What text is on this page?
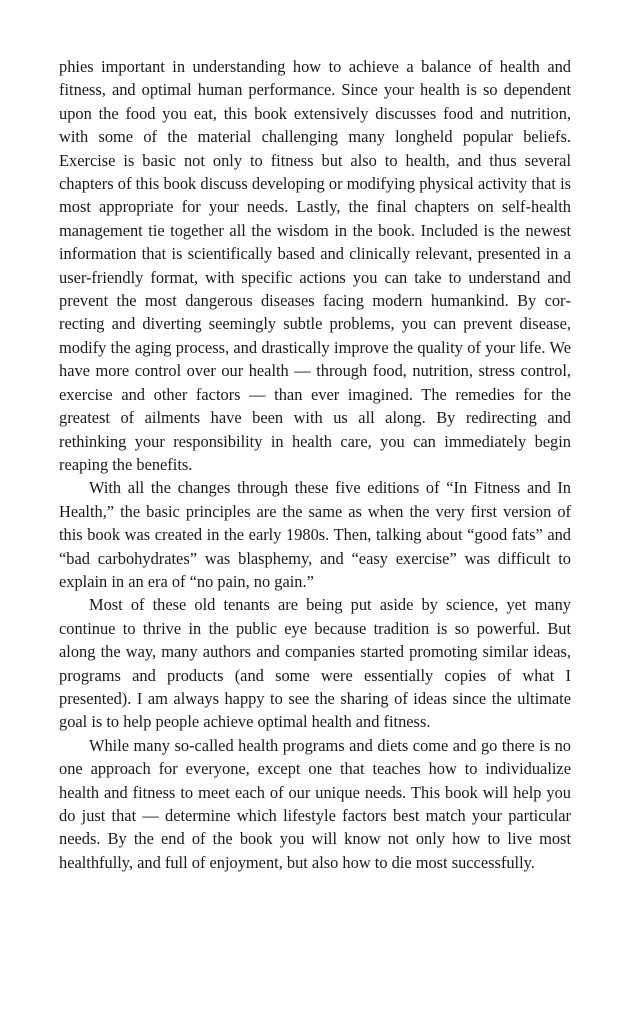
phies important in understanding how to achieve a balance of health and fitness, and optimal human performance. Since your health is so dependent upon the food you eat, this book extensively discusses food and nutrition, with some of the material challenging many longheld popular beliefs. Exercise is basic not only to fitness but also to health, and thus several chapters of this book discuss developing or modifying physical activity that is most appropriate for your needs. Lastly, the final chapters on self-health management tie together all the wisdom in the book. Included is the newest information that is scientifically based and clinically relevant, presented in a user-friendly format, with specific actions you can take to understand and prevent the most dangerous diseases facing modern humankind. By correcting and diverting seemingly subtle problems, you can prevent disease, modify the aging process, and drastically improve the quality of your life. We have more control over our health — through food, nutrition, stress control, exercise and other factors — than ever imagined. The remedies for the greatest of ailments have been with us all along. By redirecting and rethinking your responsibility in health care, you can immediately begin reaping the benefits.

With all the changes through these five editions of “In Fitness and In Health,” the basic principles are the same as when the very first version of this book was created in the early 1980s. Then, talking about “good fats” and “bad carbohydrates” was blasphemy, and “easy exercise” was difficult to explain in an era of “no pain, no gain.”

Most of these old tenants are being put aside by science, yet many continue to thrive in the public eye because tradition is so powerful. But along the way, many authors and companies started promoting similar ideas, programs and products (and some were essentially copies of what I presented). I am always happy to see the sharing of ideas since the ultimate goal is to help people achieve optimal health and fitness.

While many so-called health programs and diets come and go there is no one approach for everyone, except one that teaches how to individualize health and fitness to meet each of our unique needs. This book will help you do just that — determine which lifestyle factors best match your particular needs. By the end of the book you will know not only how to live most healthfully, and full of enjoyment, but also how to die most successfully.
